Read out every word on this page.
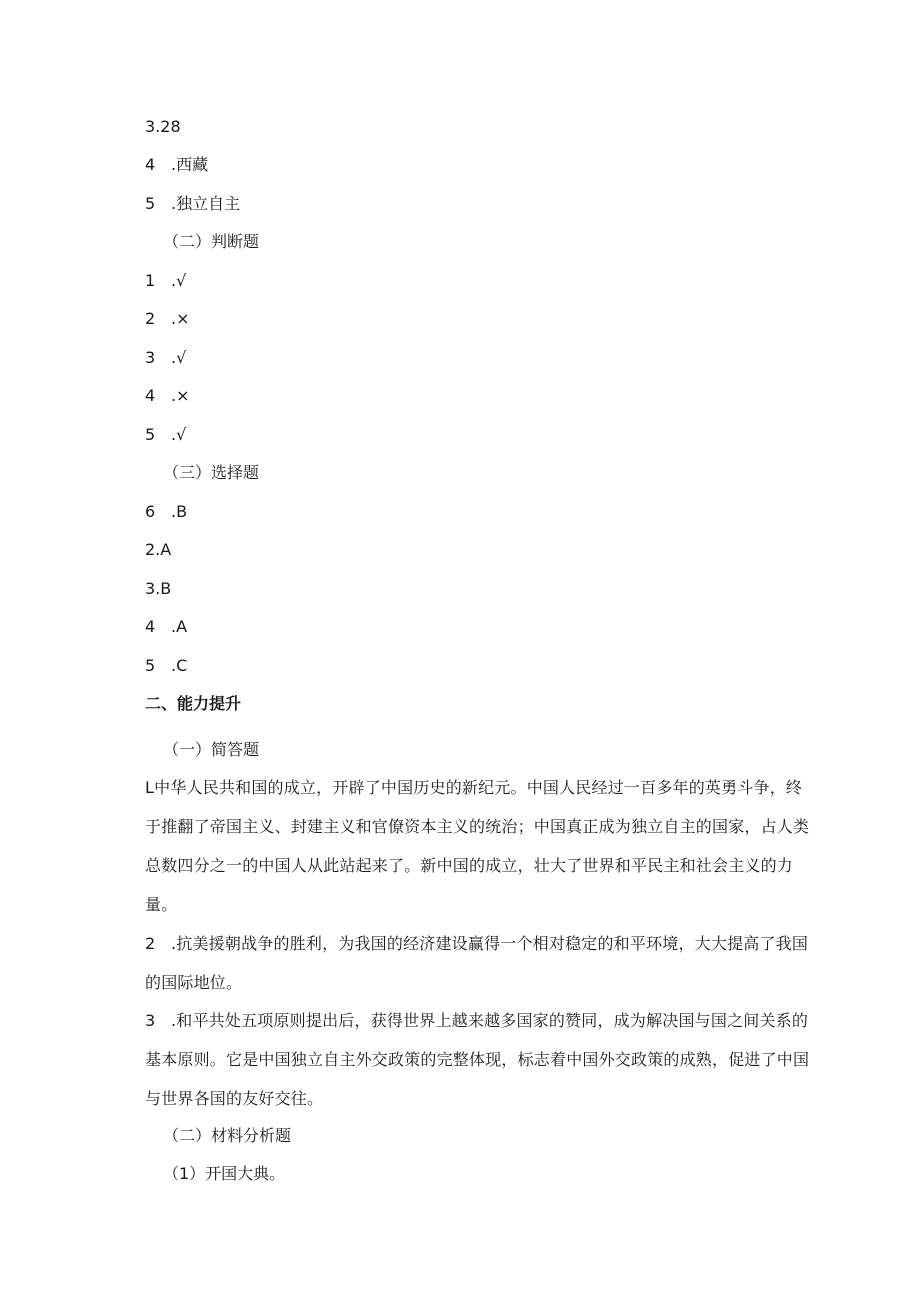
3.28
4 .西藏
5 .独立自主
（二）判断题
1 .√
2 .×
3 .√
4 .×
5 .√
（三）选择题
6 .B
2.A
3.B
4 .A
5 .C
二、能力提升
（一）简答题
L中华人民共和国的成立，开辟了中国历史的新纪元。中国人民经过一百多年的英勇斗争，终于推翻了帝国主义、封建主义和官僚资本主义的统治；中国真正成为独立自主的国家，占人类总数四分之一的中国人从此站起来了。新中国的成立，壮大了世界和平民主和社会主义的力量。
2 .抗美援朝战争的胜利，为我国的经济建设赢得一个相对稳定的和平环境，大大提高了我国的国际地位。
3 .和平共处五项原则提出后，获得世界上越来越多国家的赞同，成为解决国与国之间关系的基本原则。它是中国独立自主外交政策的完整体现，标志着中国外交政策的成熟，促进了中国与世界各国的友好交往。
（二）材料分析题
（1）开国大典。
